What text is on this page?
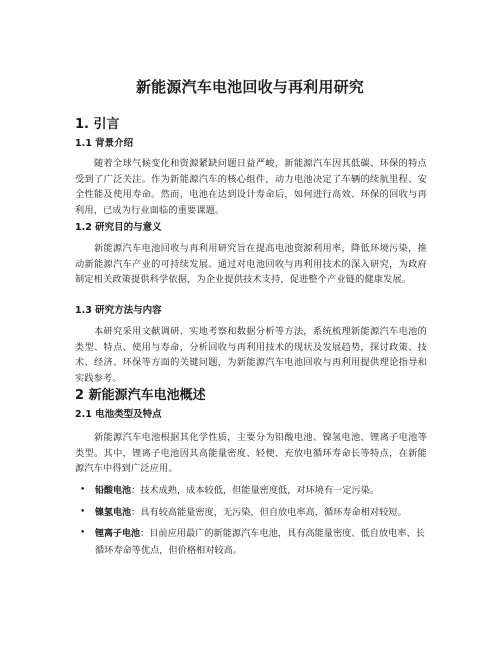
新能源汽车电池回收与再利用研究
1. 引言
1.1 背景介绍

随着全球气候变化和资源紧缺问题日益严峻，新能源汽车因其低碳、环保的特点受到了广泛关注。作为新能源汽车的核心组件，动力电池决定了车辆的续航里程、安全性能及使用寿命。然而，电池在达到设计寿命后，如何进行高效、环保的回收与再利用，已成为行业面临的重要课题。

1.2 研究目的与意义

新能源汽车电池回收与再利用研究旨在提高电池资源利用率，降低环境污染，推动新能源汽车产业的可持续发展。通过对电池回收与再利用技术的深入研究，为政府制定相关政策提供科学依据，为企业提供技术支持，促进整个产业链的健康发展。

1.3 研究方法与内容

本研究采用文献调研、实地考察和数据分析等方法，系统梳理新能源汽车电池的类型、特点、使用与寿命，分析回收与再利用技术的现状及发展趋势，探讨政策、技术、经济、环保等方面的关键问题，为新能源汽车电池回收与再利用提供理论指导和实践参考。

2 新能源汽车电池概述
2.1 电池类型及特点

新能源汽车电池根据其化学性质，主要分为铅酸电池、镍氢电池、锂离子电池等类型。其中，锂离子电池因其高能量密度、轻便、充放电循环寿命长等特点，在新能源汽车中得到广泛应用。

• 铅酸电池：技术成熟，成本较低，但能量密度低，对环境有一定污染。
• 镍氢电池：具有较高能量密度，无污染，但自放电率高，循环寿命相对较短。
• 锂离子电池：目前应用最广的新能源汽车电池，具有高能量密度、低自放电率、长循环寿命等优点，但价格相对较高。
